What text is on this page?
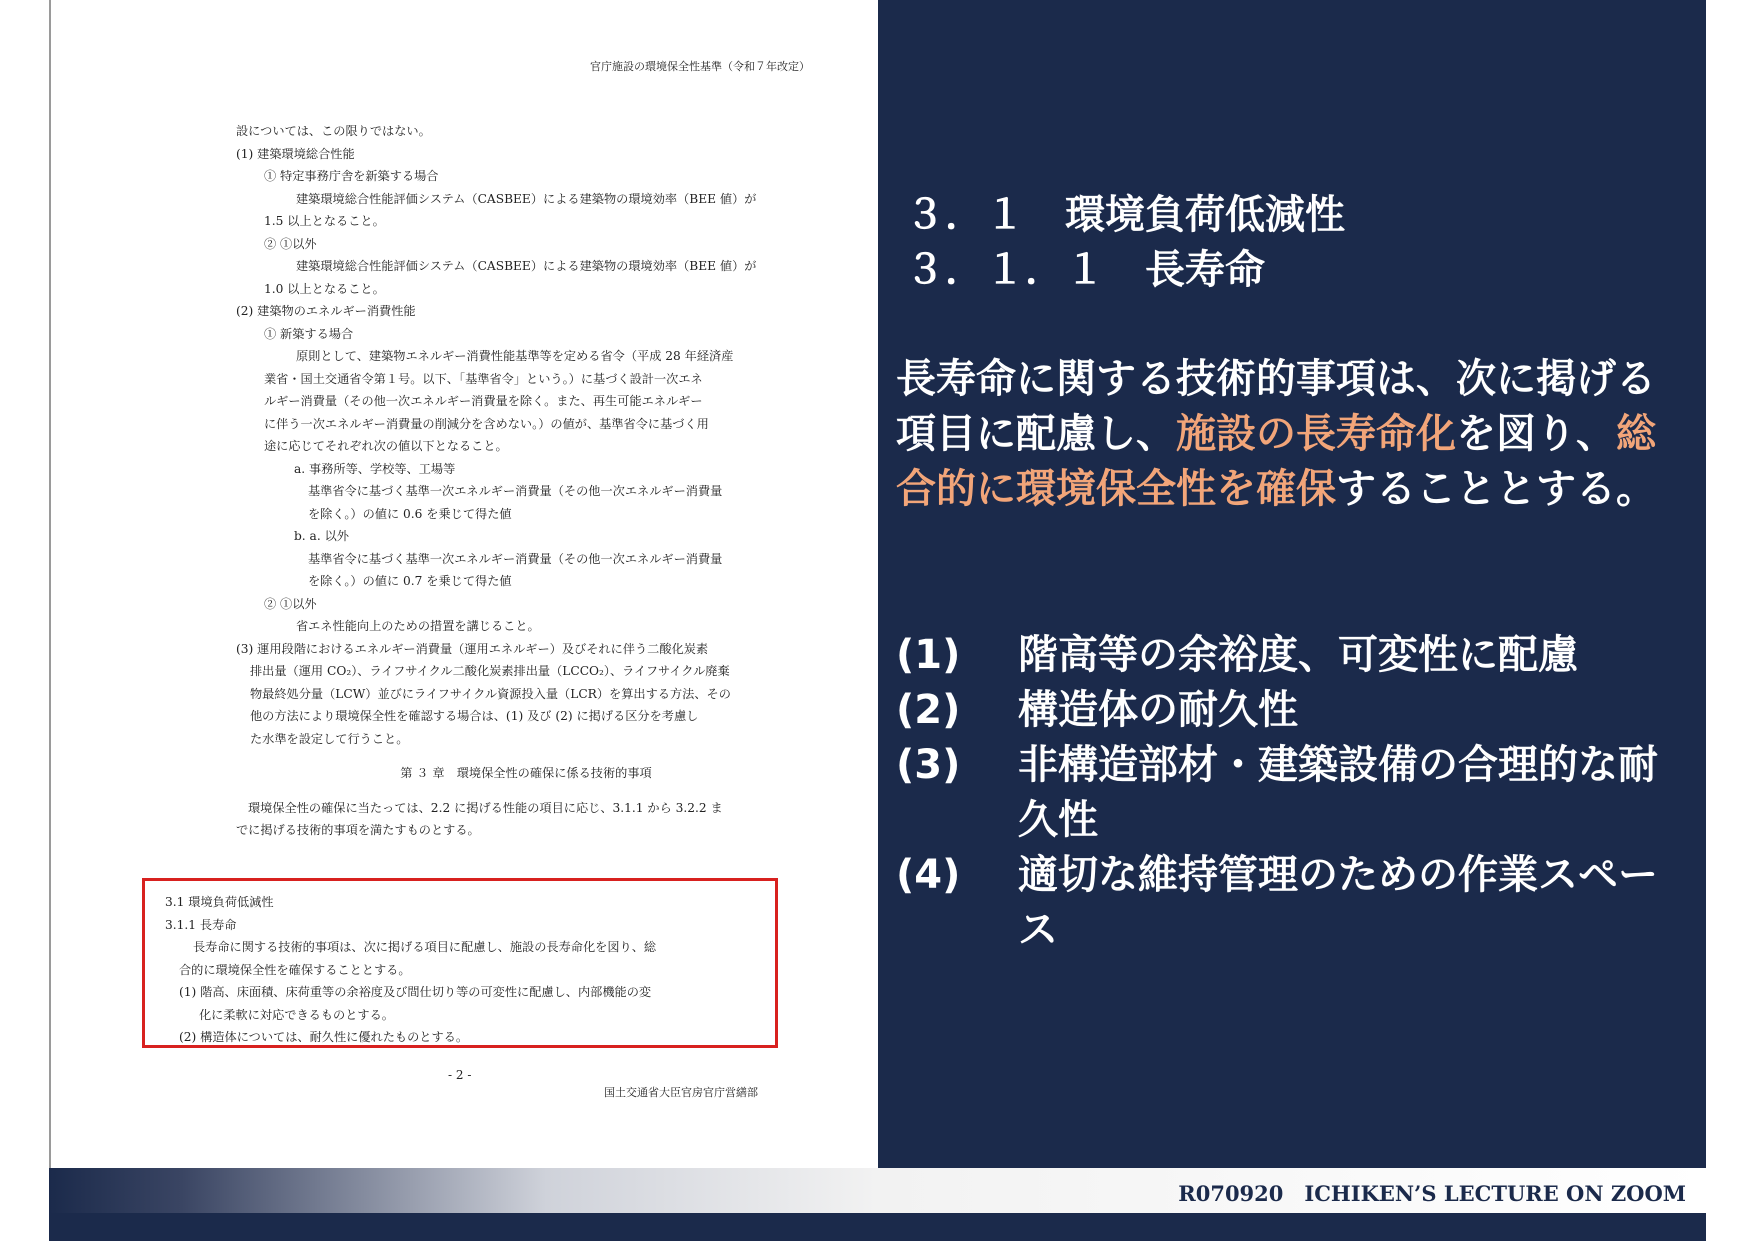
官庁施設の環境保全性基準（令和７年改定）
設については、この限りではない。
(1) 建築環境総合性能
① 特定事務庁舎を新築する場合
建築環境総合性能評価システム（CASBEE）による建築物の環境効率（BEE 値）が
1.5 以上となること。
② ①以外
建築環境総合性能評価システム（CASBEE）による建築物の環境効率（BEE 値）が
1.0 以上となること。
(2) 建築物のエネルギー消費性能
① 新築する場合
原則として、建築物エネルギー消費性能基準等を定める省令（平成 28 年経済産
業省・国土交通省令第１号。以下、「基準省令」という。）に基づく設計一次エネ
ルギー消費量（その他一次エネルギー消費量を除く。また、再生可能エネルギー
に伴う一次エネルギー消費量の削減分を含めない。）の値が、基準省令に基づく用
途に応じてそれぞれ次の値以下となること。
a. 事務所等、学校等、工場等
基準省令に基づく基準一次エネルギー消費量（その他一次エネルギー消費量
を除く。）の値に 0.6 を乗じて得た値
b. a. 以外
基準省令に基づく基準一次エネルギー消費量（その他一次エネルギー消費量
を除く。）の値に 0.7 を乗じて得た値
② ①以外
省エネ性能向上のための措置を講じること。
(3) 運用段階におけるエネルギー消費量（運用エネルギー）及びそれに伴う二酸化炭素
排出量（運用 CO₂）、ライフサイクル二酸化炭素排出量（LCCO₂）、ライフサイクル廃棄
物最終処分量（LCW）並びにライフサイクル資源投入量（LCR）を算出する方法、その
他の方法により環境保全性を確認する場合は、(1) 及び (2) に掲げる区分を考慮し
た水準を設定して行うこと。
第 ３ 章　環境保全性の確保に係る技術的事項
環境保全性の確保に当たっては、2.2 に掲げる性能の項目に応じ、3.1.1 から 3.2.2 ま
でに掲げる技術的事項を満たすものとする。
3.1 環境負荷低減性
3.1.1 長寿命
長寿命に関する技術的事項は、次に掲げる項目に配慮し、施設の長寿命化を図り、総
合的に環境保全性を確保することとする。
(1) 階高、床面積、床荷重等の余裕度及び間仕切り等の可変性に配慮し、内部機能の変
化に柔軟に対応できるものとする。
(2) 構造体については、耐久性に優れたものとする。
- 2 -
国土交通省大臣官房官庁営繕部
３．１　環境負荷低減性
３．１．１　長寿命
長寿命に関する技術的事項は、次に掲げる項目に配慮し、施設の長寿命化を図り、総合的に環境保全性を確保することとする。
(1)	階高等の余裕度、可変性に配慮
(2)	構造体の耐久性
(3)	非構造部材・建築設備の合理的な耐久性
(4)	適切な維持管理のための作業スペース
R070920　ICHIKEN’S LECTURE ON ZOOM
